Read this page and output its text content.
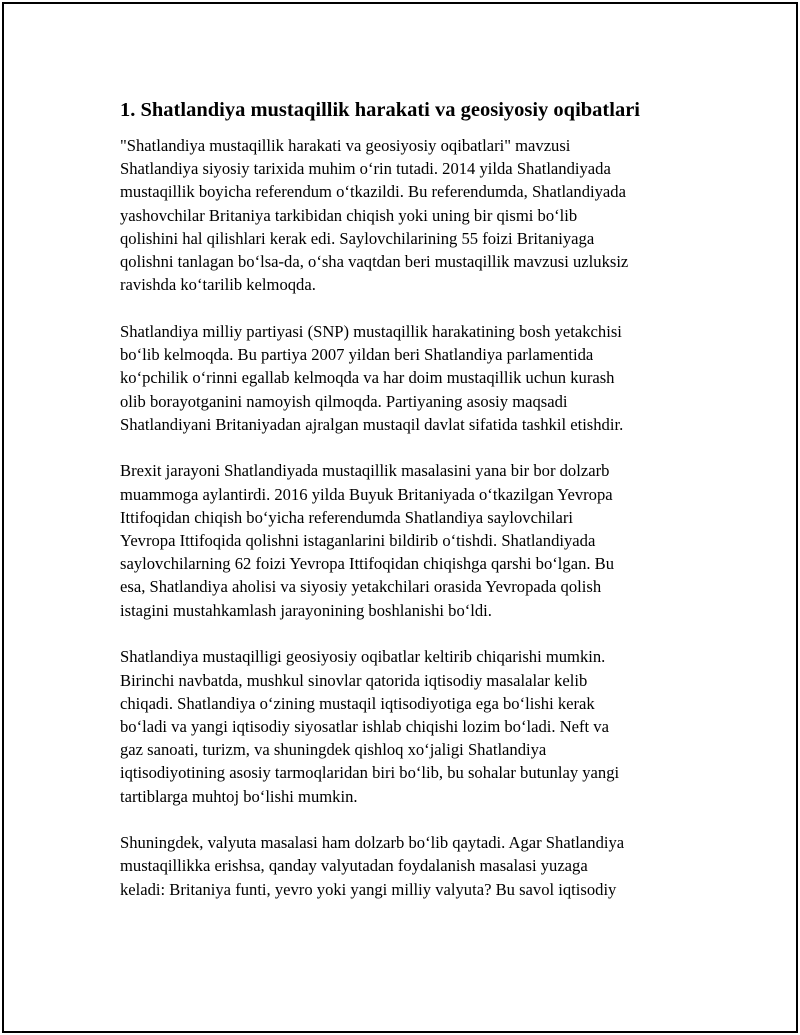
1. Shatlandiya mustaqillik harakati va geosiyosiy oqibatlari
"Shatlandiya mustaqillik harakati va geosiyosiy oqibatlari" mavzusi
Shatlandiya siyosiy tarixida muhim oʻrin tutadi. 2014 yilda Shatlandiyada
mustaqillik boyicha referendum oʻtkazildi. Bu referendumda, Shatlandiyada
yashovchilar Britaniya tarkibidan chiqish yoki uning bir qismi boʻlib
qolishini hal qilishlari kerak edi. Saylovchilarining 55 foizi Britaniyaga
qolishni tanlagan boʻlsa-da, oʻsha vaqtdan beri mustaqillik mavzusi uzluksiz
ravishda koʻtarilib kelmoqda.
Shatlandiya milliy partiyasi (SNP) mustaqillik harakatining bosh yetakchisi
boʻlib kelmoqda. Bu partiya 2007 yildan beri Shatlandiya parlamentida
koʻpchilik oʻrinni egallab kelmoqda va har doim mustaqillik uchun kurash
olib borayotganini namoyish qilmoqda. Partiyaning asosiy maqsadi
Shatlandiyani Britaniyadan ajralgan mustaqil davlat sifatida tashkil etishdir.
Brexit jarayoni Shatlandiyada mustaqillik masalasini yana bir bor dolzarb
muammoga aylantirdi. 2016 yilda Buyuk Britaniyada oʻtkazilgan Yevropa
Ittifoqidan chiqish boʻyicha referendumda Shatlandiya saylovchilari
Yevropa Ittifoqida qolishni istaganlarini bildirib oʻtishdi. Shatlandiyada
saylovchilarning 62 foizi Yevropa Ittifoqidan chiqishga qarshi boʻlgan. Bu
esa, Shatlandiya aholisi va siyosiy yetakchilari orasida Yevropada qolish
istagini mustahkamlash jarayonining boshlanishi boʻldi.
Shatlandiya mustaqilligi geosiyosiy oqibatlar keltirib chiqarishi mumkin.
Birinchi navbatda, mushkul sinovlar qatorida iqtisodiy masalalar kelib
chiqadi. Shatlandiya oʻzining mustaqil iqtisodiyotiga ega boʻlishi kerak
boʻladi va yangi iqtisodiy siyosatlar ishlab chiqishi lozim boʻladi. Neft va
gaz sanoati, turizm, va shuningdek qishloq xoʻjaligi Shatlandiya
iqtisodiyotining asosiy tarmoqlaridan biri boʻlib, bu sohalar butunlay yangi
tartiblarga muhtoj boʻlishi mumkin.
Shuningdek, valyuta masalasi ham dolzarb boʻlib qaytadi. Agar Shatlandiya
mustaqillikka erishsa, qanday valyutadan foydalanish masalasi yuzaga
keladi: Britaniya funti, yevro yoki yangi milliy valyuta? Bu savol iqtisodiy
